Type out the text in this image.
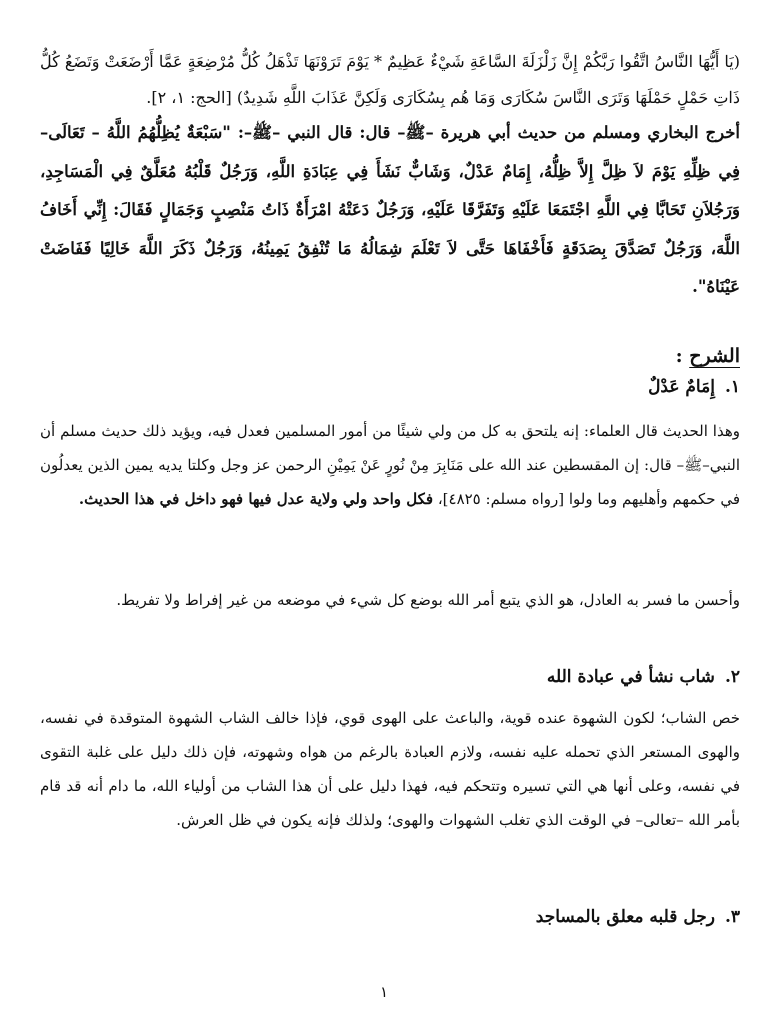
(يَا أَيُّهَا النَّاسُ اتَّقُوا رَبَّكُمْ إِنَّ زَلْزَلَةَ السَّاعَةِ شَيْءٌ عَظِيمٌ * يَوْمَ تَرَوْنَهَا تَذْهَلُ كُلُّ مُرْضِعَةٍ عَمَّا أَرْضَعَتْ وَتَضَعُ كُلُّ ذَاتِ حَمْلٍ حَمْلَهَا وَتَرَى النَّاسَ سُكَارَى وَمَا هُم بِسُكَارَى وَلَكِنَّ عَذَابَ اللَّهِ شَدِيدٌ) [الحج: ١، ٢].

أخرج البخاري ومسلم من حديث أبي هريرة –ﷺ– قال: قال النبي –ﷺ–: "سَبْعَةٌ يُظِلُّهُمُ اللَّهُ – تَعَالَى– فِي ظِلِّهِ يَوْمَ لاَ ظِلَّ إِلاَّ ظِلُّهُ، إِمَامٌ عَدْلٌ، وَشَابٌّ نَشَأَ فِي عِبَادَةِ اللَّهِ، وَرَجُلٌ قَلْبُهُ مُعَلَّقٌ فِي الْمَسَاجِدِ، وَرَجُلاَنِ تَحَابَّا فِي اللَّهِ اجْتَمَعَا عَلَيْهِ وَتَفَرَّقَا عَلَيْهِ، وَرَجُلٌ دَعَتْهُ امْرَأَةٌ ذَاتُ مَنْصِبٍ وَجَمَالٍ فَقَالَ: إِنِّي أَخَافُ اللَّهَ، وَرَجُلٌ تَصَدَّقَ بِصَدَقَةٍ فَأَخْفَاهَا حَتَّى لاَ تَعْلَمَ شِمَالُهُ مَا تُنْفِقُ يَمِينُهُ، وَرَجُلٌ ذَكَرَ اللَّهَ خَالِيًا فَفَاضَتْ عَيْنَاهُ".

الشرح :
١.إِمَامٌ عَدْلٌ

وهذا الحديث قال العلماء: إنه يلتحق به كل من ولي شيئًا من أمور المسلمين فعدل فيه، ويؤيد ذلك حديث مسلم أن النبي–ﷺ– قال: إن المقسطين عند الله على مَنَابِرَ مِنْ نُورٍ عَنْ يَمِيْنِ الرحمن عز وجل وكلتا يديه يمين الذين يعدلُون في حكمهم وأهليهم وما ولوا [رواه مسلم: ٤٨٢٥]، فكل واحد ولي ولاية عدل فيها فهو داخل في هذا الحديث.

وأحسن ما فسر به العادل، هو الذي يتبع أمر الله بوضع كل شيء في موضعه من غير إفراط ولا تفريط.

٢.شاب نشأ في عبادة الله

خص الشاب؛ لكون الشهوة عنده قوية، والباعث على الهوى قوي، فإذا خالف الشاب الشهوة المتوقدة في نفسه، والهوى المستعر الذي تحمله عليه نفسه، ولازم العبادة بالرغم من هواه وشهوته، فإن ذلك دليل على غلبة التقوى في نفسه، وعلى أنها هي التي تسيره وتتحكم فيه، فهذا دليل على أن هذا الشاب من أولياء الله، ما دام أنه قد قام بأمر الله –تعالى– في الوقت الذي تغلب الشهوات والهوى؛ ولذلك فإنه يكون في ظل العرش.

٣.رجل قلبه معلق بالمساجد
١
